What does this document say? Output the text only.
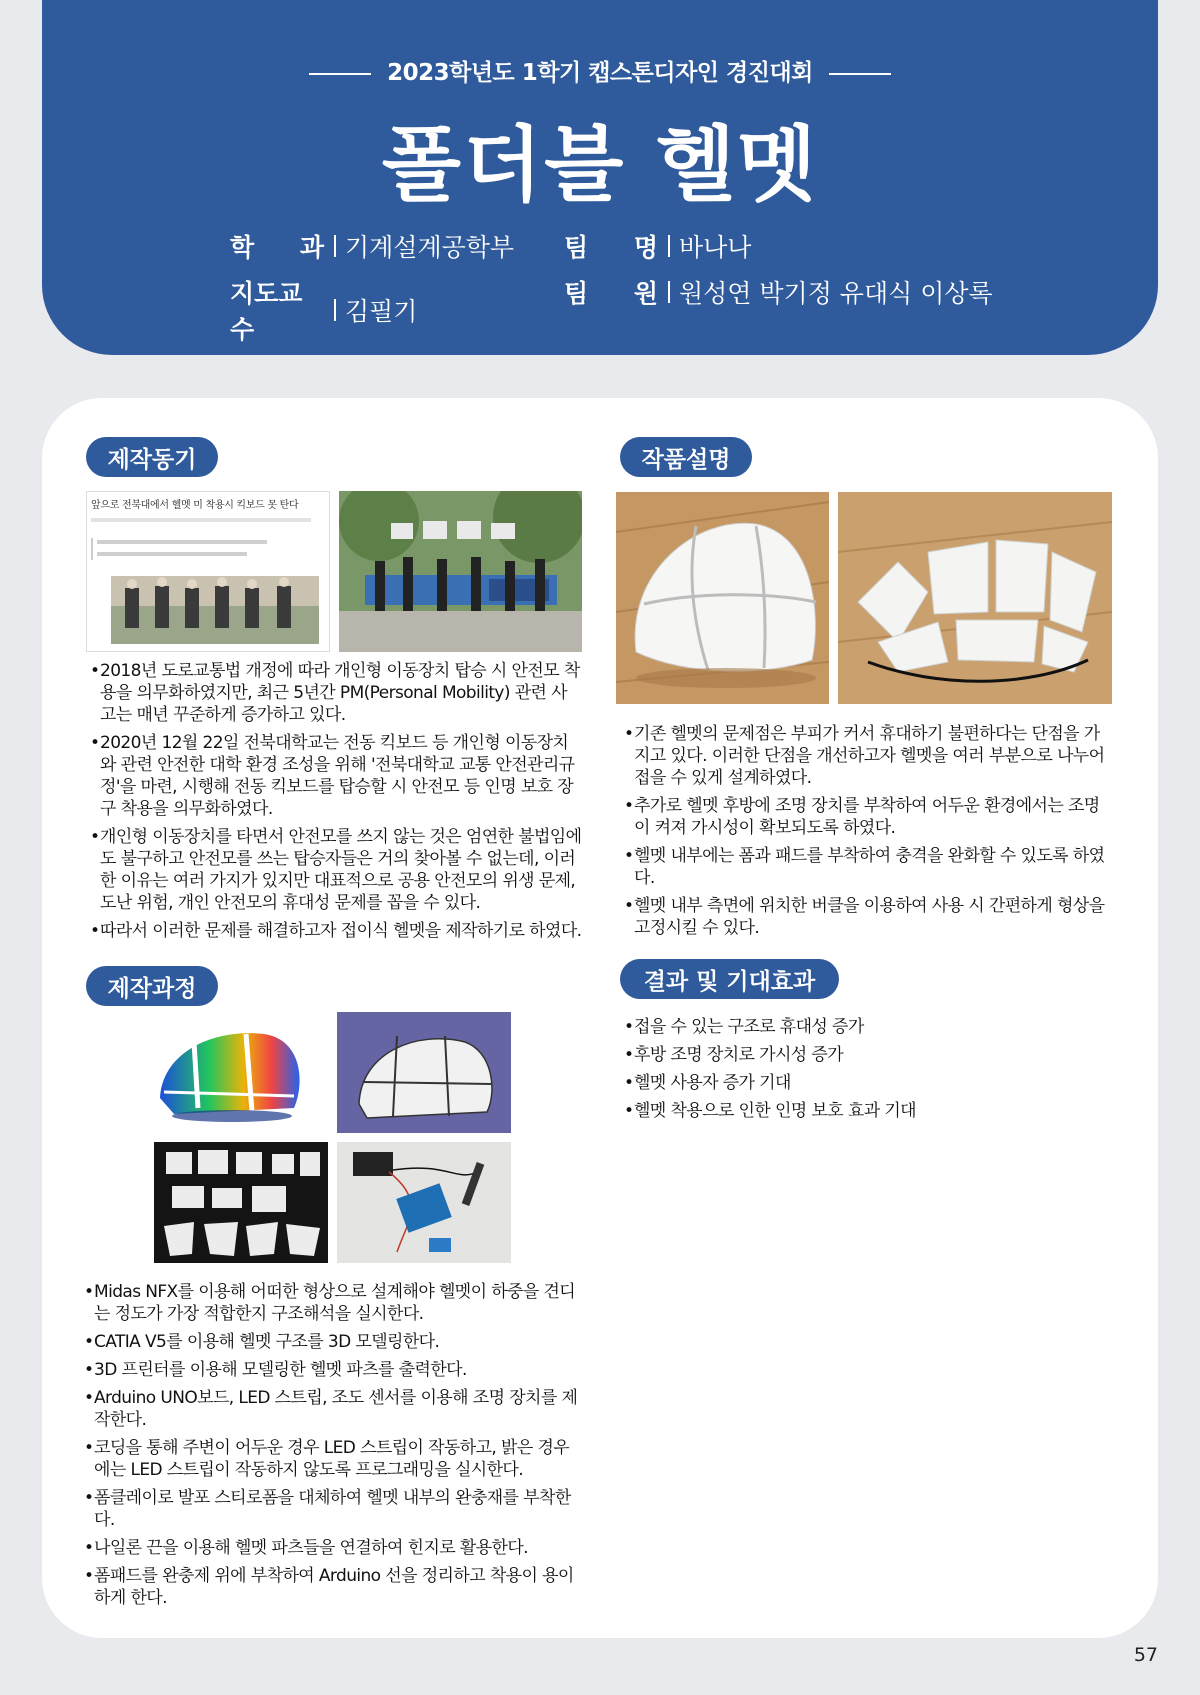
2023학년도 1학기 캡스톤디자인 경진대회
폴더블 헬멧
학 과 기계설계공학부
지도교수
김필기
팀 명 바나나
팀 원 원성연 박기정 유대식 이상록
제작동기
앞으로 전북대에서 헬멧 미 착용시 킥보드 못 탄다
• 2018년 도로교통법 개정에 따라 개인형 이동장치 탑승 시 안전모 착용을 의무화하였지만, 최근 5년간 PM(Personal Mobility) 관련 사고는 매년 꾸준하게 증가하고 있다.
• 2020년 12월 22일 전북대학교는 전동 킥보드 등 개인형 이동장치와 관련 안전한 대학 환경 조성을 위해 '전북대학교 교통 안전관리규정'을 마련, 시행해 전동 킥보드를 탑승할 시 안전모 등 인명 보호 장구 착용을 의무화하였다.
• 개인형 이동장치를 타면서 안전모를 쓰지 않는 것은 엄연한 불법임에도 불구하고 안전모를 쓰는 탑승자들은 거의 찾아볼 수 없는데, 이러한 이유는 여러 가지가 있지만 대표적으로 공용 안전모의 위생 문제, 도난 위험, 개인 안전모의 휴대성 문제를 꼽을 수 있다.
• 따라서 이러한 문제를 해결하고자 접이식 헬멧을 제작하기로 하였다.
제작과정
• Midas NFX를 이용해 어떠한 형상으로 설계해야 헬멧이 하중을 견디는 정도가 가장 적합한지 구조해석을 실시한다.
• CATIA V5를 이용해 헬멧 구조를 3D 모델링한다.
• 3D 프린터를 이용해 모델링한 헬멧 파츠를 출력한다.
• Arduino UNO보드, LED 스트립, 조도 센서를 이용해 조명 장치를 제작한다.
• 코딩을 통해 주변이 어두운 경우 LED 스트립이 작동하고, 밝은 경우에는 LED 스트립이 작동하지 않도록 프로그래밍을 실시한다.
• 폼클레이로 발포 스티로폼을 대체하여 헬멧 내부의 완충재를 부착한다.
• 나일론 끈을 이용해 헬멧 파츠들을 연결하여 힌지로 활용한다.
• 폼패드를 완충제 위에 부착하여 Arduino 선을 정리하고 착용이 용이하게 한다.
작품설명
• 기존 헬멧의 문제점은 부피가 커서 휴대하기 불편하다는 단점을 가지고 있다. 이러한 단점을 개선하고자 헬멧을 여러 부분으로 나누어 접을 수 있게 설계하였다.
• 추가로 헬멧 후방에 조명 장치를 부착하여 어두운 환경에서는 조명이 켜져 가시성이 확보되도록 하였다.
• 헬멧 내부에는 폼과 패드를 부착하여 충격을 완화할 수 있도록 하였다.
• 헬멧 내부 측면에 위치한 버클을 이용하여 사용 시 간편하게 형상을 고정시킬 수 있다.
결과 및 기대효과
• 접을 수 있는 구조로 휴대성 증가
• 후방 조명 장치로 가시성 증가
• 헬멧 사용자 증가 기대
• 헬멧 착용으로 인한 인명 보호 효과 기대
57
